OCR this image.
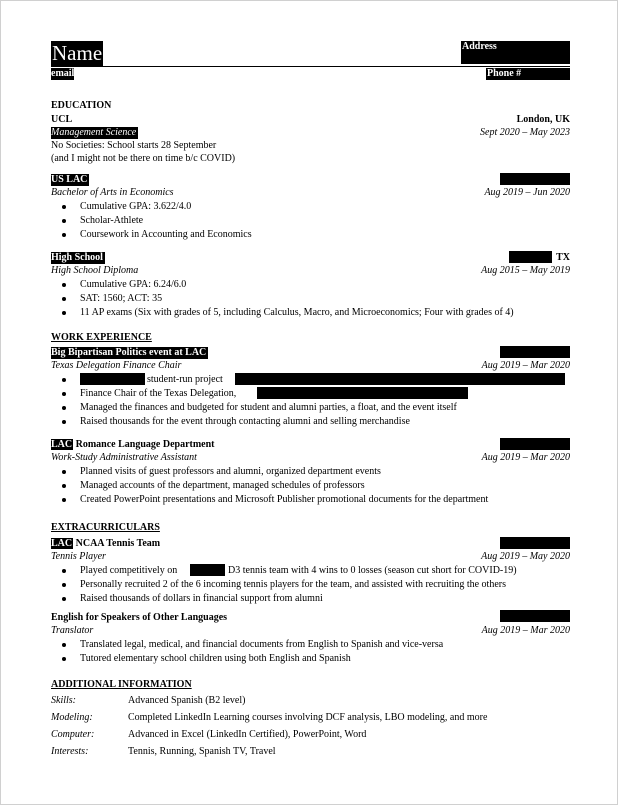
Name	Address
email	Phone #
EDUCATION
UCL	London, UK
Management Science	Sept 2020 – May 2023
No Societies: School starts 28 September
(and I might not be there on time b/c COVID)
US LAC
Bachelor of Arts in Economics	Aug 2019 – Jun 2020
Cumulative GPA: 3.622/4.0
Scholar-Athlete
Coursework in Accounting and Economics
High School	TX
High School Diploma	Aug 2015 – May 2019
Cumulative GPA: 6.24/6.0
SAT: 1560; ACT: 35
11 AP exams (Six with grades of 5, including Calculus, Macro, and Microeconomics; Four with grades of 4)
WORK EXPERIENCE
Big Bipartisan Politics event at LAC
Texas Delegation Finance Chair	Aug 2019 – Mar 2020
student-run project
Finance Chair of the Texas Delegation,
Managed the finances and budgeted for student and alumni parties, a float, and the event itself
Raised thousands for the event through contacting alumni and selling merchandise
LAC Romance Language Department
Work-Study Administrative Assistant	Aug 2019 – Mar 2020
Planned visits of guest professors and alumni, organized department events
Managed accounts of the department, managed schedules of professors
Created PowerPoint presentations and Microsoft Publisher promotional documents for the department
EXTRACURRICULARS
LAC NCAA Tennis Team
Tennis Player	Aug 2019 – May 2020
Played competitively on	D3 tennis team with 4 wins to 0 losses (season cut short for COVID-19)
Personally recruited 2 of the 6 incoming tennis players for the team, and assisted with recruiting the others
Raised thousands of dollars in financial support from alumni
English for Speakers of Other Languages
Translator	Aug 2019 – Mar 2020
Translated legal, medical, and financial documents from English to Spanish and vice-versa
Tutored elementary school children using both English and Spanish
ADDITIONAL INFORMATION
Skills:	Advanced Spanish (B2 level)
Modeling:	Completed LinkedIn Learning courses involving DCF analysis, LBO modeling, and more
Computer:	Advanced in Excel (LinkedIn Certified), PowerPoint, Word
Interests:	Tennis, Running, Spanish TV, Travel
